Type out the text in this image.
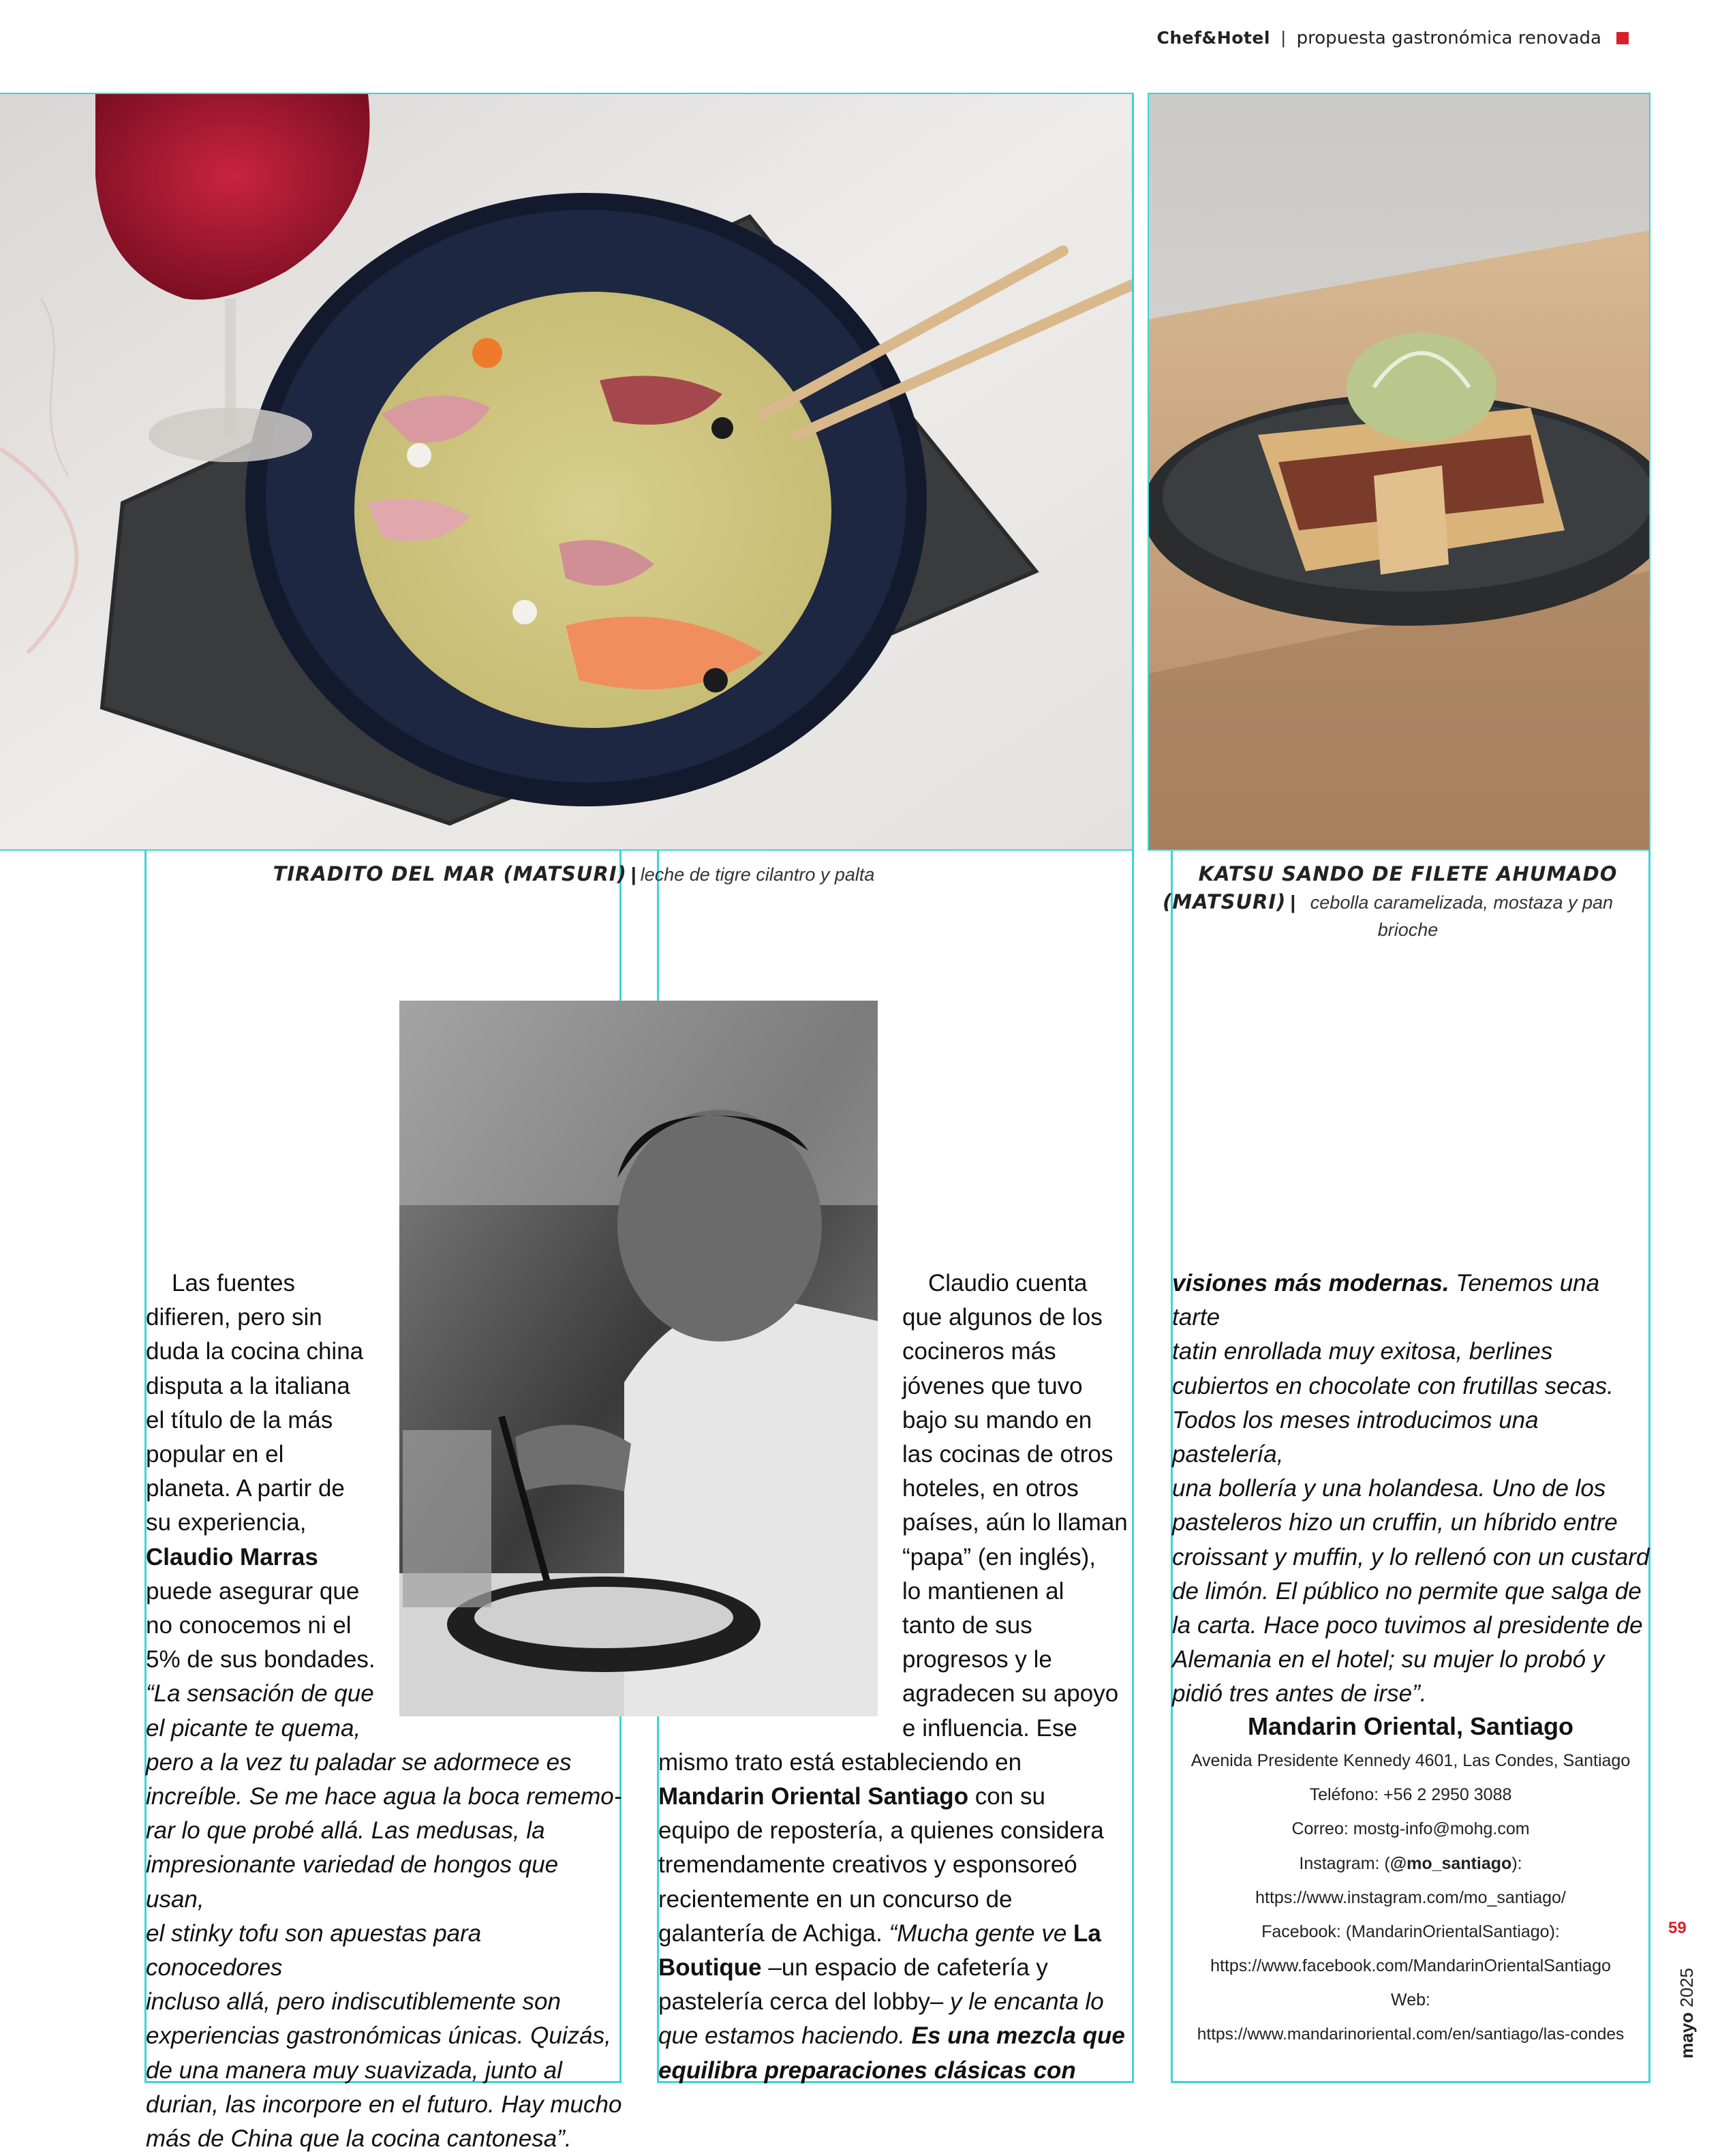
Chef&Hotel | propuesta gastronómica renovada
TIRADITO DEL MAR (MATSURI) | leche de tigre cilantro y palta	KATSU SANDO DE FILETE AHUMADO
(MATSURI) | cebolla caramelizada, mostaza y pan
brioche

Las fuentes

difieren, pero sin

duda la cocina china

disputa a la italiana

el título de la más

popular en el

planeta. A partir de

su experiencia,

Claudio Marras

puede asegurar que

no conocemos ni el

5% de sus bondades.

“La sensación de que

el picante te quema,

pero a la vez tu paladar se adormece es

increíble. Se me hace agua la boca rememo-

rar lo que probé allá. Las medusas, la

impresionante variedad de hongos que usan,

el stinky tofu son apuestas para conocedores

incluso allá, pero indiscutiblemente son

experiencias gastronómicas únicas. Quizás,

de una manera muy suavizada, junto al

durian, las incorpore en el futuro. Hay mucho

más de China que la cocina cantonesa”.

Claudio cuenta

que algunos de los

cocineros más

jóvenes que tuvo

bajo su mando en

las cocinas de otros

hoteles, en otros

países, aún lo llaman

“papa” (en inglés),

lo mantienen al

tanto de sus

progresos y le

agradecen su apoyo

e influencia. Ese

mismo trato está estableciendo en

Mandarin Oriental Santiago con su

equipo de repostería, a quienes considera

tremendamente creativos y esponsoreó

recientemente en un concurso de

galantería de Achiga. “Mucha gente ve La

Boutique –un espacio de cafetería y

pastelería cerca del lobby– y le encanta lo

que estamos haciendo. Es una mezcla que

equilibra preparaciones clásicas con

visiones más modernas. Tenemos una tarte

tatin enrollada muy exitosa, berlines

cubiertos en chocolate con frutillas secas.

Todos los meses introducimos una pastelería,

una bollería y una holandesa. Uno de los

pasteleros hizo un cruffin, un híbrido entre

croissant y muffin, y lo rellenó con un custard

de limón. El público no permite que salga de

la carta. Hace poco tuvimos al presidente de

Alemania en el hotel; su mujer lo probó y

pidió tres antes de irse”.

Mandarin Oriental, Santiago
Avenida Presidente Kennedy 4601, Las Condes, Santiago
Teléfono: +56 2 2950 3088
Correo: mostg-info@mohg.com
Instagram: (@mo_santiago):
https://www.instagram.com/mo_santiago/
Facebook: (MandarinOrientalSantiago):
https://www.facebook.com/MandarinOrientalSantiago
Web:
https://www.mandarinoriental.com/en/santiago/las-condes
59
mayo 2025
